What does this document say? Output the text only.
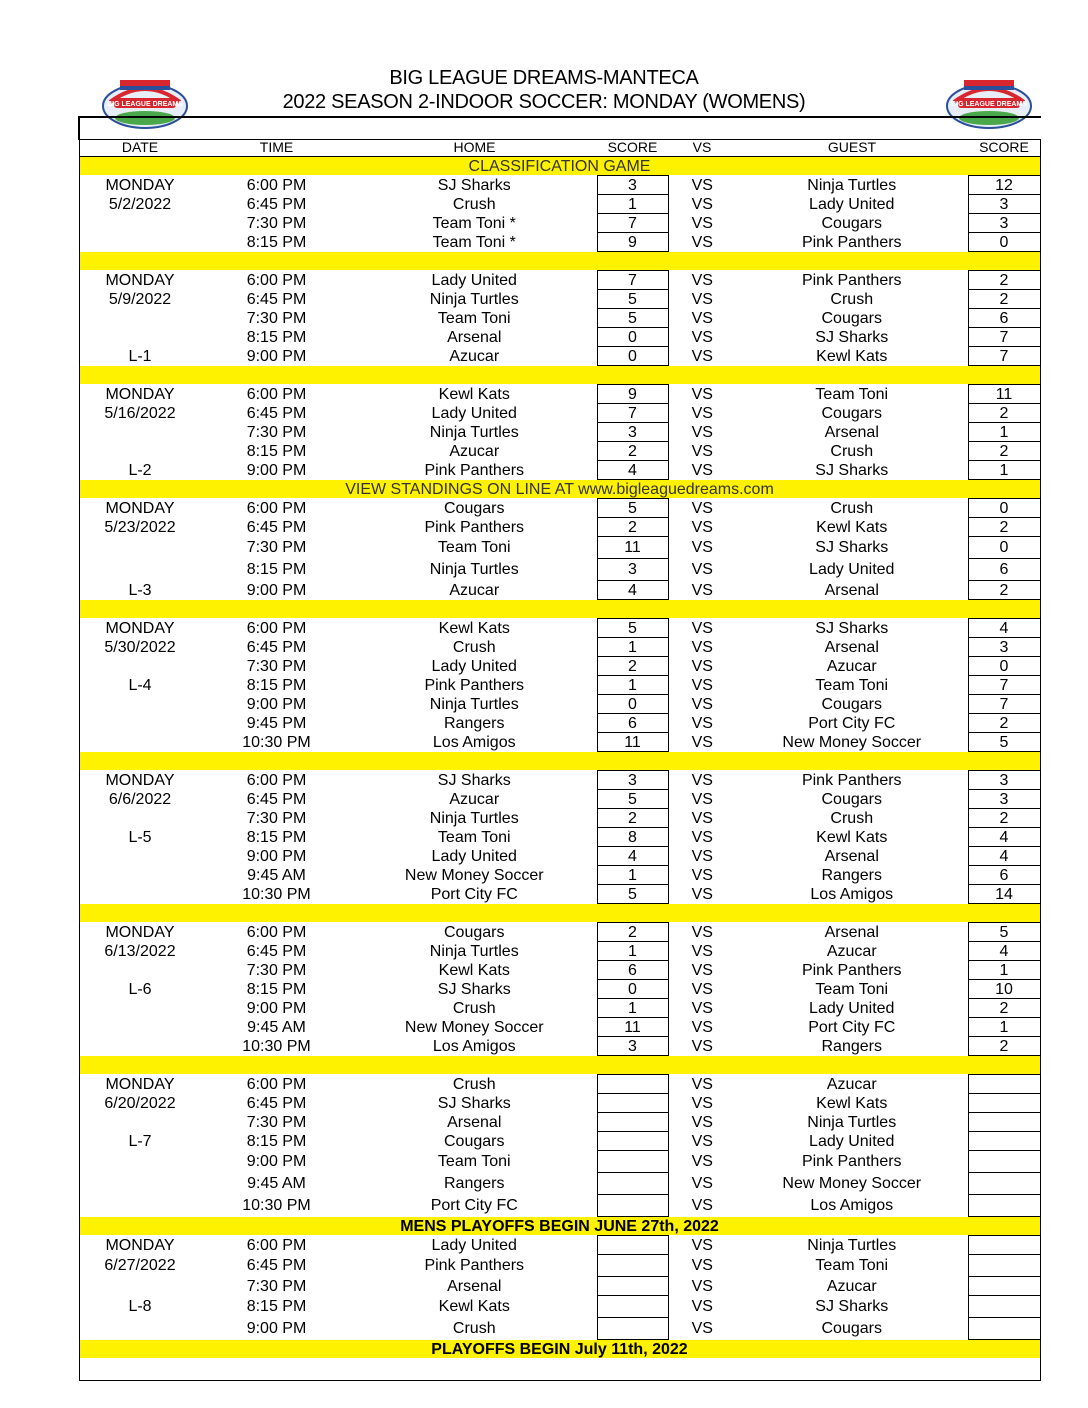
BIG LEAGUE DREAMS	BIG LEAGUE DREAMS
BIG LEAGUE DREAMS-MANTECA
2022 SEASON 2-INDOOR SOCCER: MONDAY (WOMENS)
DATE	TIME	HOME	SCORE	VS	GUEST	SCORE
CLASSIFICATION GAME						
MONDAY	6:00 PM	SJ Sharks	3	VS	Ninja Turtles	12
5/2/2022	6:45 PM	Crush	1	VS	Lady United	3
	7:30 PM	Team Toni *	7	VS	Cougars	3
	8:15 PM	Team Toni *	9	VS	Pink Panthers	0

MONDAY	6:00 PM	Lady United	7	VS	Pink Panthers	2
5/9/2022	6:45 PM	Ninja Turtles	5	VS	Crush	2
	7:30 PM	Team Toni	5	VS	Cougars	6
	8:15 PM	Arsenal	0	VS	SJ Sharks	7
L-1	9:00 PM	Azucar	0	VS	Kewl Kats	7

MONDAY	6:00 PM	Kewl Kats	9	VS	Team Toni	11
5/16/2022	6:45 PM	Lady United	7	VS	Cougars	2
	7:30 PM	Ninja Turtles	3	VS	Arsenal	1
	8:15 PM	Azucar	2	VS	Crush	2
L-2	9:00 PM	Pink Panthers	4	VS	SJ Sharks	1
VIEW STANDINGS ON LINE AT www.bigleaguedreams.com						
MONDAY	6:00 PM	Cougars	5	VS	Crush	0
5/23/2022	6:45 PM	Pink Panthers	2	VS	Kewl Kats	2
	7:30 PM	Team Toni	11	VS	SJ Sharks	0
	8:15 PM	Ninja Turtles	3	VS	Lady United	6
L-3	9:00 PM	Azucar	4	VS	Arsenal	2

MONDAY	6:00 PM	Kewl Kats	5	VS	SJ Sharks	4
5/30/2022	6:45 PM	Crush	1	VS	Arsenal	3
	7:30 PM	Lady United	2	VS	Azucar	0
L-4	8:15 PM	Pink Panthers	1	VS	Team Toni	7
	9:00 PM	Ninja Turtles	0	VS	Cougars	7
	9:45 PM	Rangers	6	VS	Port City FC	2
	10:30 PM	Los Amigos	11	VS	New Money Soccer	5

MONDAY	6:00 PM	SJ Sharks	3	VS	Pink Panthers	3
6/6/2022	6:45 PM	Azucar	5	VS	Cougars	3
	7:30 PM	Ninja Turtles	2	VS	Crush	2
L-5	8:15 PM	Team Toni	8	VS	Kewl Kats	4
	9:00 PM	Lady United	4	VS	Arsenal	4
	9:45 AM	New Money Soccer	1	VS	Rangers	6
	10:30 PM	Port City FC	5	VS	Los Amigos	14

MONDAY	6:00 PM	Cougars	2	VS	Arsenal	5
6/13/2022	6:45 PM	Ninja Turtles	1	VS	Azucar	4
	7:30 PM	Kewl Kats	6	VS	Pink Panthers	1
L-6	8:15 PM	SJ Sharks	0	VS	Team Toni	10
	9:00 PM	Crush	1	VS	Lady United	2
	9:45 AM	New Money Soccer	11	VS	Port City FC	1
	10:30 PM	Los Amigos	3	VS	Rangers	2

MONDAY	6:00 PM	Crush		VS	Azucar	
6/20/2022	6:45 PM	SJ Sharks		VS	Kewl Kats	
	7:30 PM	Arsenal		VS	Ninja Turtles	
L-7	8:15 PM	Cougars		VS	Lady United	
	9:00 PM	Team Toni		VS	Pink Panthers	
	9:45 AM	Rangers		VS	New Money Soccer	
	10:30 PM	Port City FC		VS	Los Amigos	
MENS PLAYOFFS BEGIN JUNE 27th, 2022						
MONDAY	6:00 PM	Lady United		VS	Ninja Turtles	
6/27/2022	6:45 PM	Pink Panthers		VS	Team Toni	
	7:30 PM	Arsenal		VS	Azucar	
L-8	8:15 PM	Kewl Kats		VS	SJ Sharks	
	9:00 PM	Crush		VS	Cougars	
PLAYOFFS BEGIN July 11th, 2022						
